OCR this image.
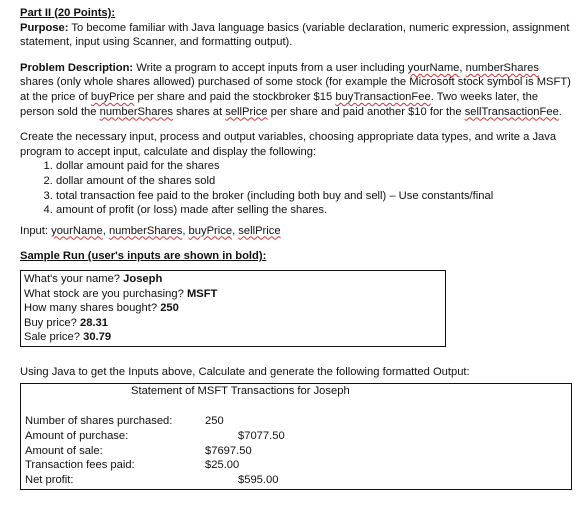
Part II (20 Points):

Purpose: To become familiar with Java language basics (variable declaration, numeric expression, assignment statement, input using Scanner, and formatting output).

Problem Description: Write a program to accept inputs from a user including yourName, numberShares shares (only whole shares allowed) purchased of some stock (for example the Microsoft stock symbol is MSFT) at the price of buyPrice per share and paid the stockbroker $15 buyTransactionFee. Two weeks later, the person sold the numberShares shares at sellPrice per share and paid another $10 for the sellTransactionFee.

Create the necessary input, process and output variables, choosing appropriate data types, and write a Java program to accept input, calculate and display the following:

1. dollar amount paid for the shares
2. dollar amount of the shares sold
3. total transaction fee paid to the broker (including both buy and sell) – Use constants/final
4. amount of profit (or loss) made after selling the shares.

Input: yourName, numberShares, buyPrice, sellPrice

Sample Run (user's inputs are shown in bold):

What's your name? Joseph

What stock are you purchasing? MSFT

How many shares bought? 250

Buy price? 28.31

Sale price? 30.79

Using Java to get the Inputs above, Calculate and generate the following formatted Output:

Statement of MSFT Transactions for Joseph
Number of shares purchased:	250
Amount of purchase:	$7077.50
Amount of sale:	$7697.50
Transaction fees paid:	$25.00
Net profit:	$595.00
